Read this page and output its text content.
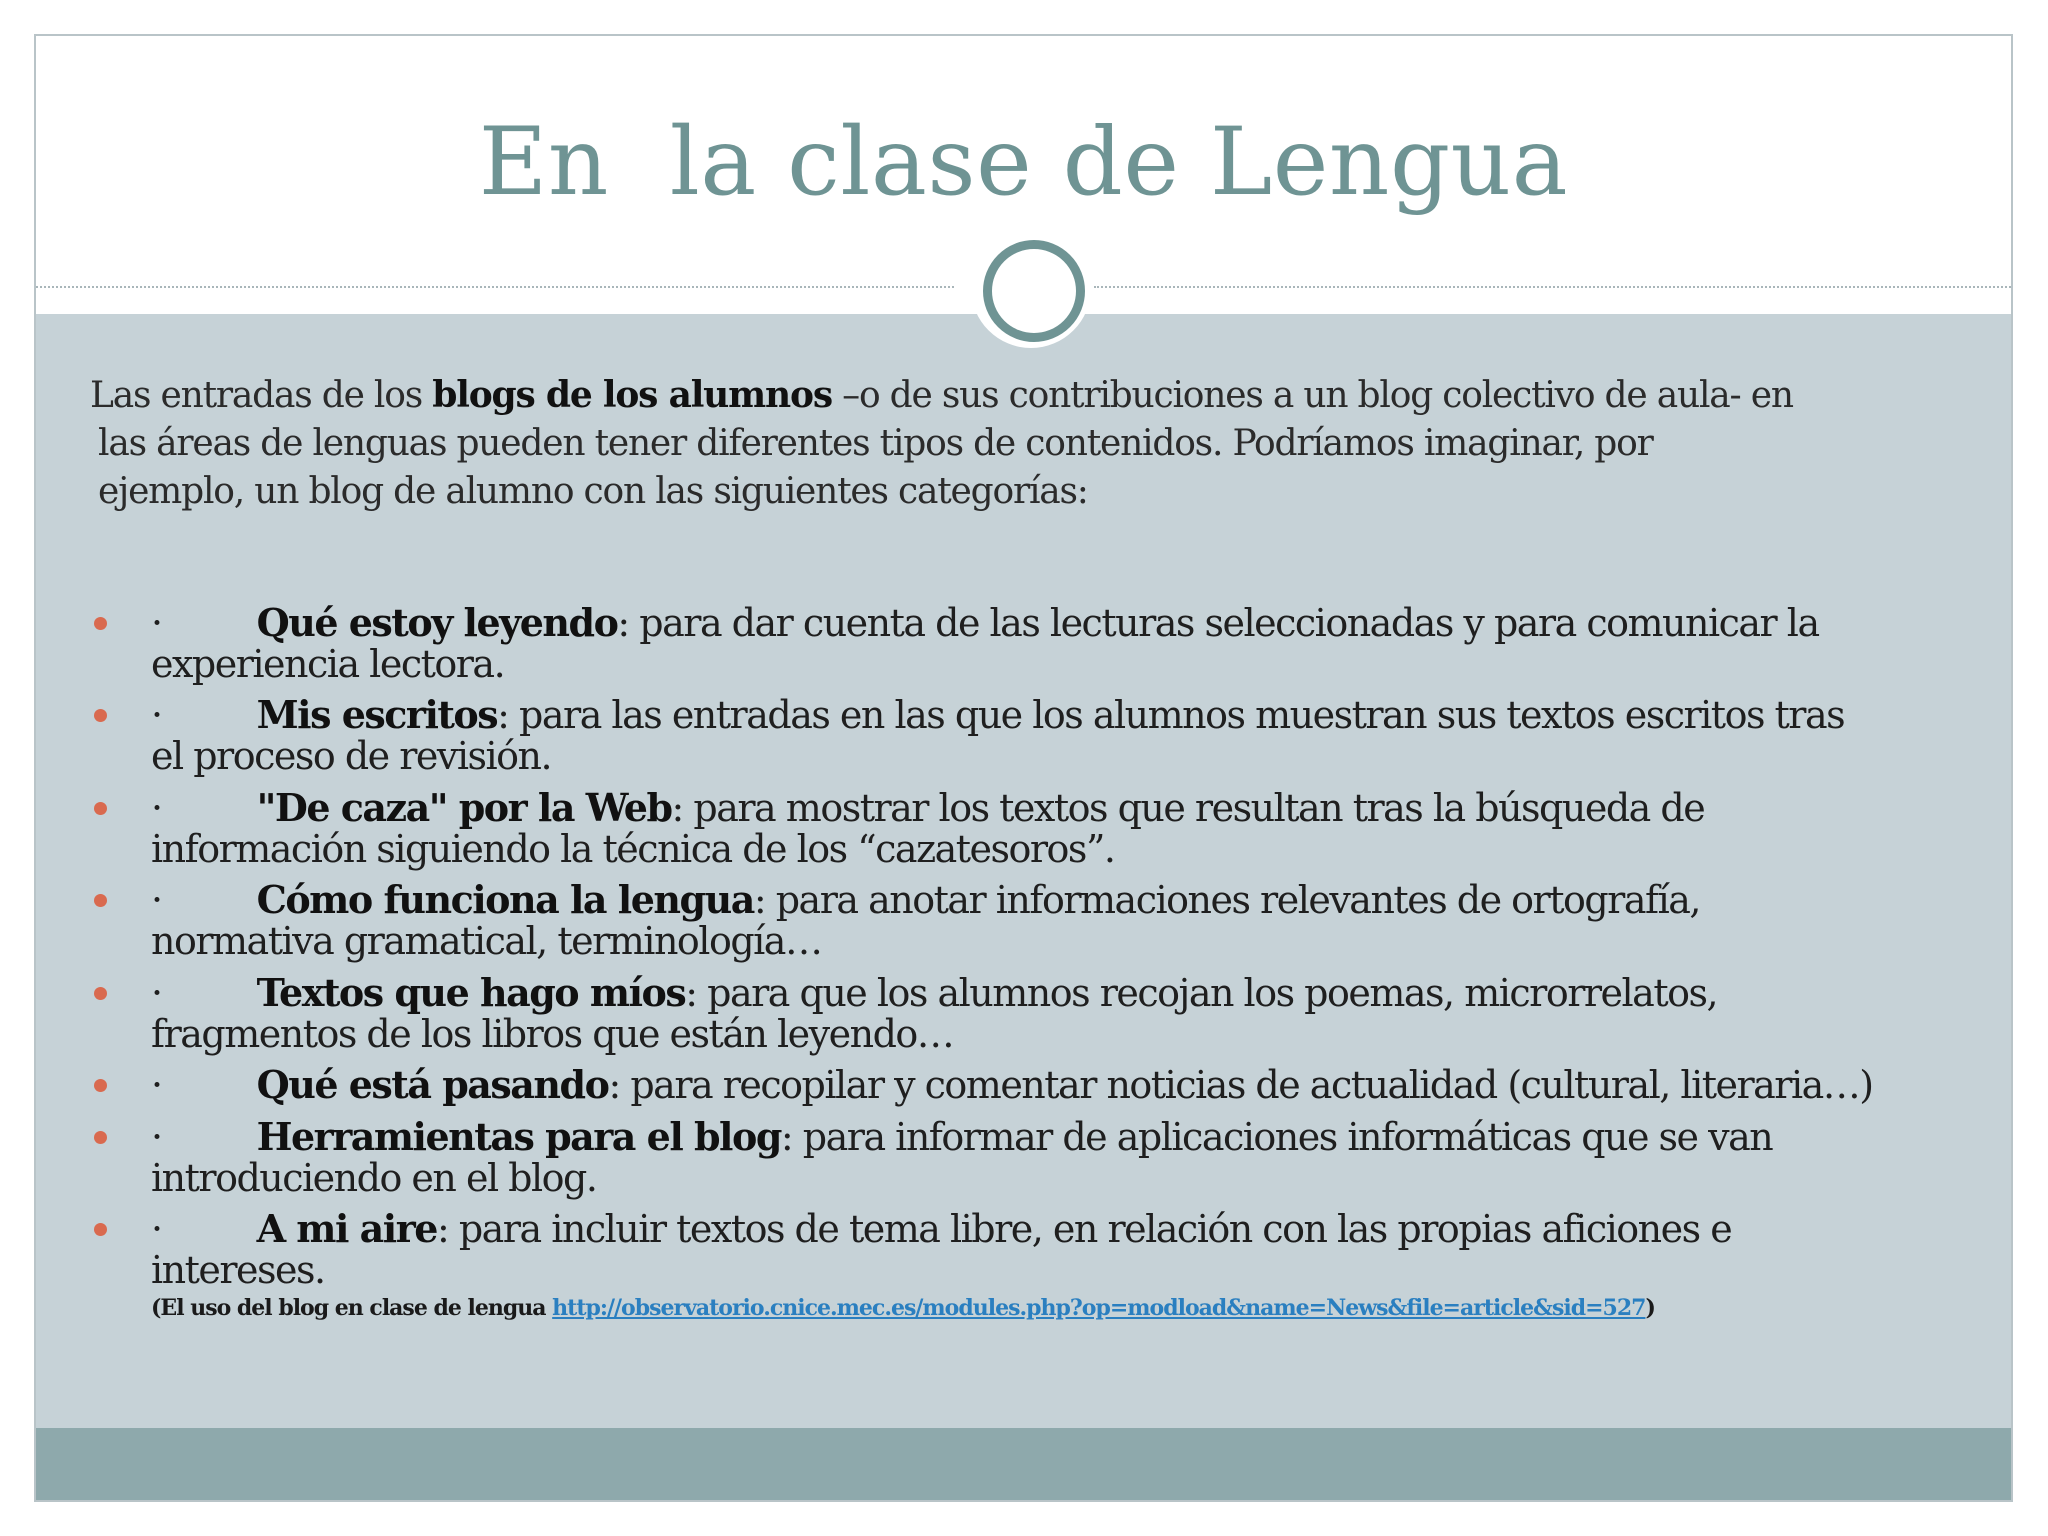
En  la clase de Lengua
Las entradas de los blogs de los alumnos –o de sus contribuciones a un blog colectivo de aula- en
las áreas de lenguas pueden tener diferentes tipos de contenidos. Podríamos imaginar, por
ejemplo, un blog de alumno con las siguientes categorías:
·	Qué estoy leyendo: para dar cuenta de las lecturas seleccionadas y para comunicar la
experiencia lectora.
·	Mis escritos: para las entradas en las que los alumnos muestran sus textos escritos tras
el proceso de revisión.
·	"De caza" por la Web: para mostrar los textos que resultan tras la búsqueda de
información siguiendo la técnica de los “cazatesoros”.
·	Cómo funciona la lengua: para anotar informaciones relevantes de ortografía,
normativa gramatical, terminología…
·	Textos que hago míos: para que los alumnos recojan los poemas, microrrelatos,
fragmentos de los libros que están leyendo…
·	Qué está pasando: para recopilar y comentar noticias de actualidad (cultural, literaria…)
·	Herramientas para el blog: para informar de aplicaciones informáticas que se van
introduciendo en el blog.
·	A mi aire: para incluir textos de tema libre, en relación con las propias aficiones e
intereses.
(El uso del blog en clase de lengua http://observatorio.cnice.mec.es/modules.php?op=modload&name=News&file=article&sid=527)
